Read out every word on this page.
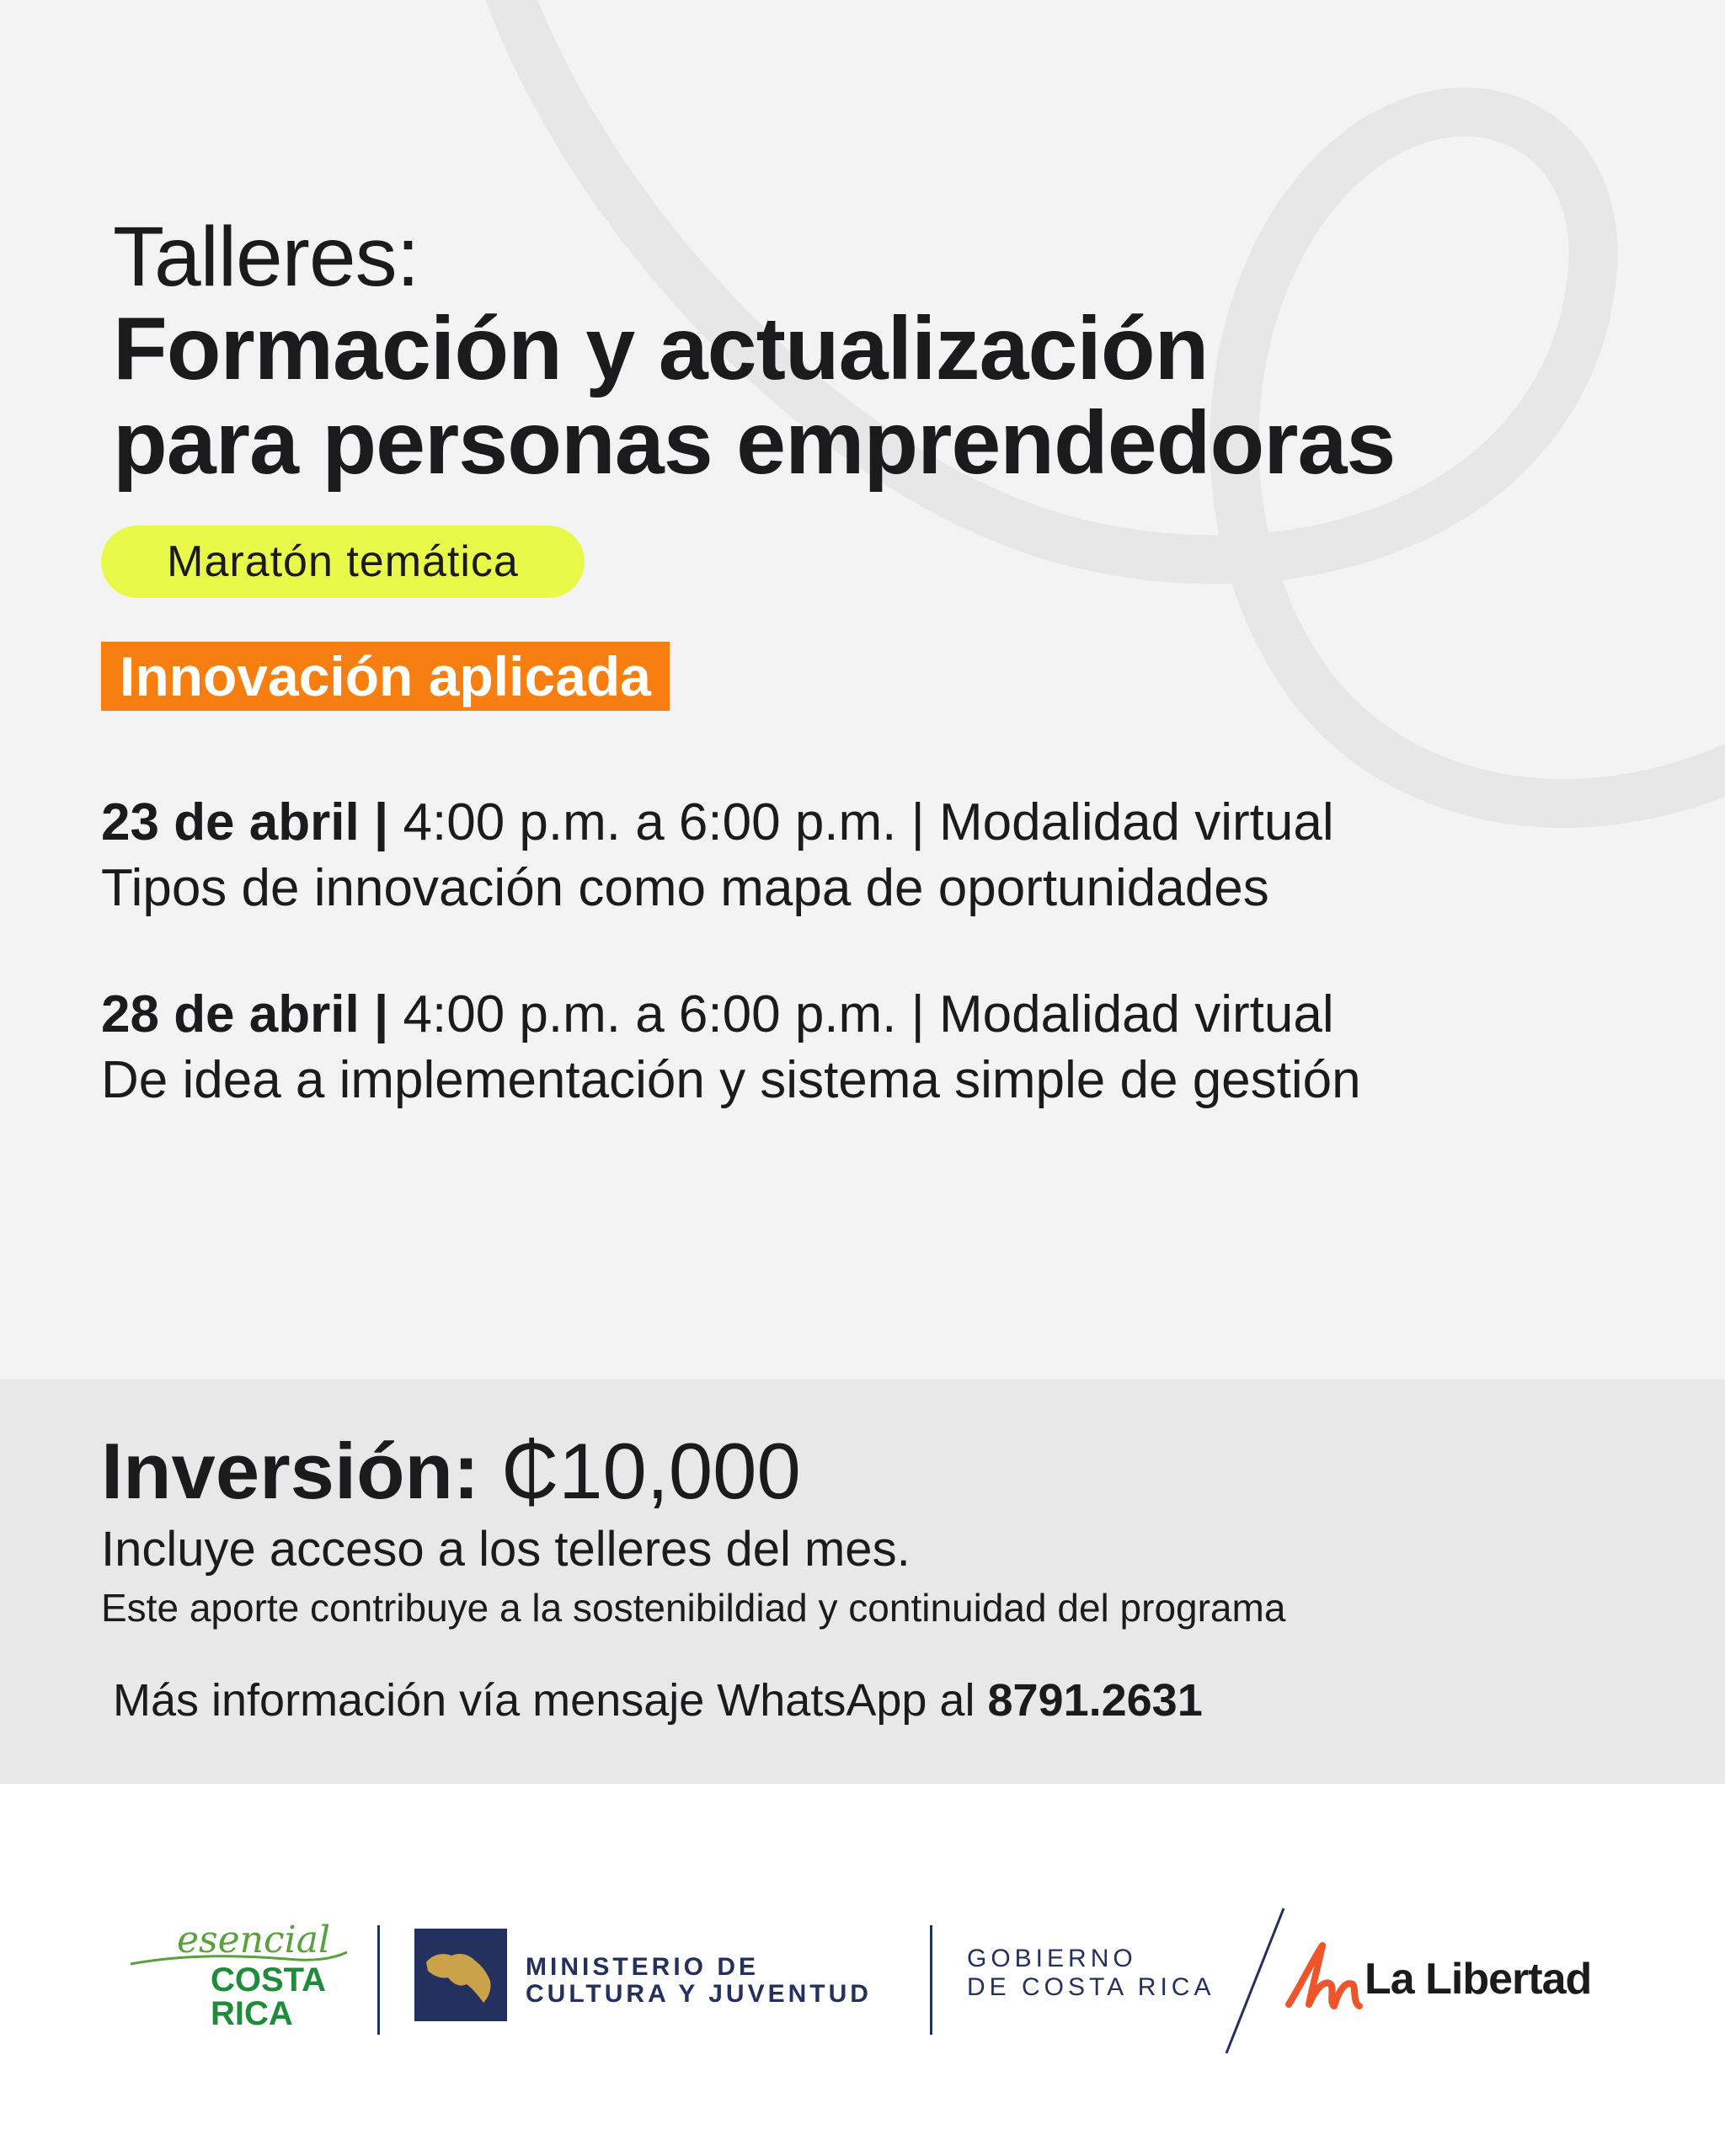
Talleres:
Formación y actualización
para personas emprendedoras
Maratón temática
Innovación aplicada
23 de abril | 4:00 p.m. a 6:00 p.m. | Modalidad virtual
Tipos de innovación como mapa de oportunidades
28 de abril | 4:00 p.m. a 6:00 p.m. | Modalidad virtual
De idea a implementación y sistema simple de gestión
Inversión: ₵10,000
Incluye acceso a los telleres del mes.
Este aporte contribuye a la sostenibildiad y continuidad del programa
Más información vía mensaje WhatsApp al 8791.2631
esencial
COSTA
RICA
MINISTERIO DE
CULTURA Y JUVENTUD
GOBIERNO
DE COSTA RICA	La Libertad
